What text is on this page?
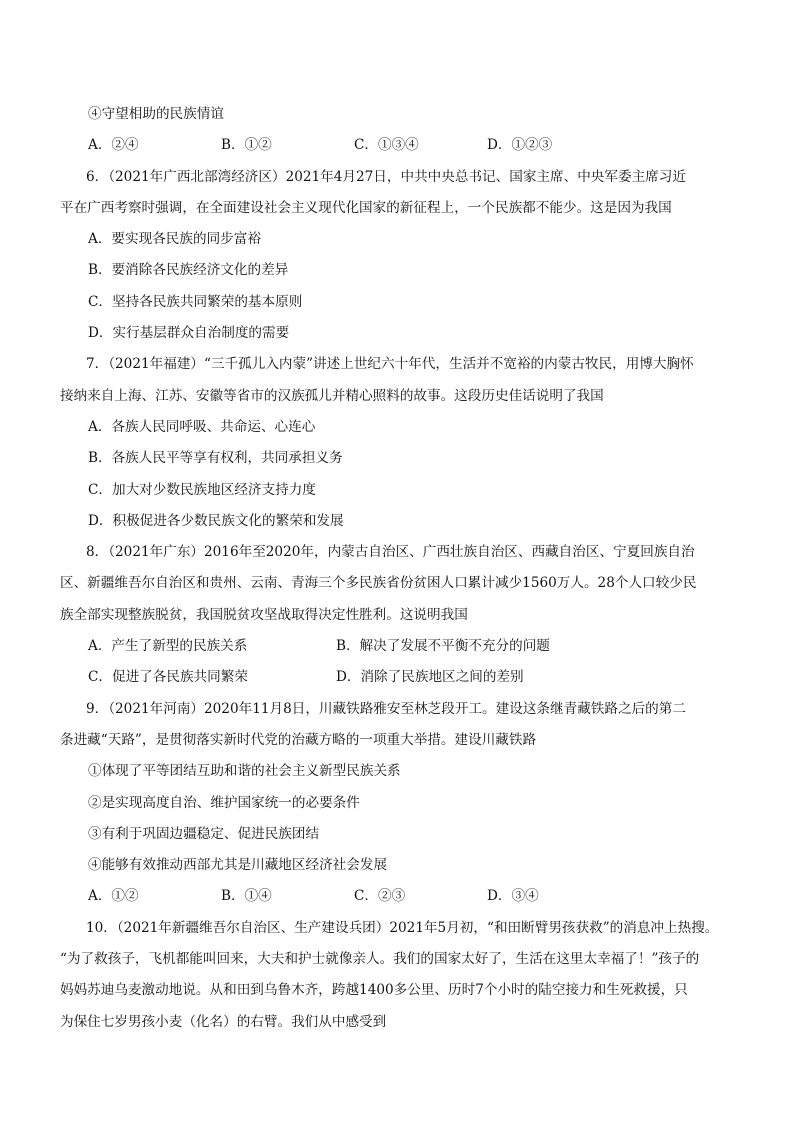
④守望相助的民族情谊
A．②④	B．①②	C．①③④	D．①②③
6．（2021年广西北部湾经济区）2021年4月27日，中共中央总书记、国家主席、中央军委主席习近
平在广西考察时强调，在全面建设社会主义现代化国家的新征程上，一个民族都不能少。这是因为我国
A．要实现各民族的同步富裕
B．要消除各民族经济文化的差异
C．坚持各民族共同繁荣的基本原则
D．实行基层群众自治制度的需要
7．（2021年福建）“三千孤儿入内蒙”讲述上世纪六十年代，生活并不宽裕的内蒙古牧民，用博大胸怀
接纳来自上海、江苏、安徽等省市的汉族孤儿并精心照料的故事。这段历史佳话说明了我国
A．各族人民同呼吸、共命运、心连心
B．各族人民平等享有权利，共同承担义务
C．加大对少数民族地区经济支持力度
D．积极促进各少数民族文化的繁荣和发展
8．（2021年广东）2016年至2020年，内蒙古自治区、广西壮族自治区、西藏自治区、宁夏回族自治
区、新疆维吾尔自治区和贵州、云南、青海三个多民族省份贫困人口累计减少1560万人。28个人口较少民
族全部实现整族脱贫，我国脱贫攻坚战取得决定性胜利。这说明我国
A．产生了新型的民族关系	B．解决了发展不平衡不充分的问题
C．促进了各民族共同繁荣	D．消除了民族地区之间的差别
9．（2021年河南）2020年11月8日，川藏铁路雅安至林芝段开工。建设这条继青藏铁路之后的第二
条进藏“天路”，是贯彻落实新时代党的治藏方略的一项重大举措。建设川藏铁路
①体现了平等团结互助和谐的社会主义新型民族关系
②是实现高度自治、维护国家统一的必要条件
③有利于巩固边疆稳定、促进民族团结
④能够有效推动西部尤其是川藏地区经济社会发展
A．①②	B．①④	C．②③	D．③④
10．（2021年新疆维吾尔自治区、生产建设兵团）2021年5月初，“和田断臂男孩获救”的消息冲上热搜。
“为了救孩子，飞机都能叫回来，大夫和护士就像亲人。我们的国家太好了，生活在这里太幸福了！”孩子的
妈妈苏迪乌麦激动地说。从和田到乌鲁木齐，跨越1400多公里、历时7个小时的陆空接力和生死救援，只
为保住七岁男孩小麦（化名）的右臂。我们从中感受到
